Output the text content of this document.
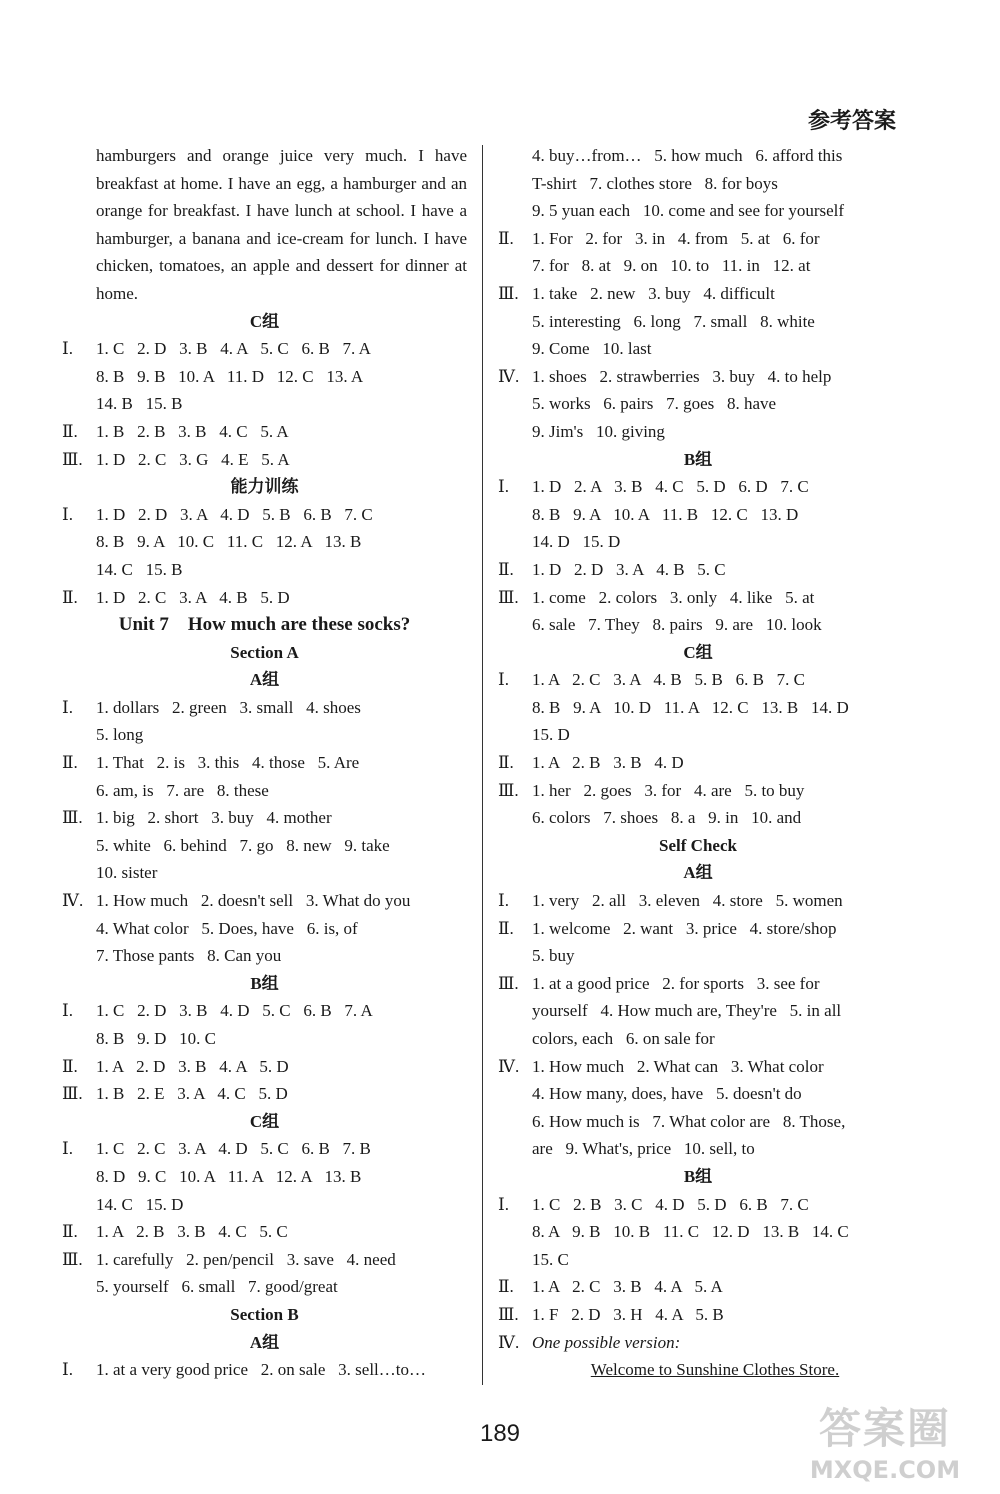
参考答案
hamburgers and orange juice very much. I have breakfast at home. I have an egg, a hamburger and an orange for breakfast. I have lunch at school. I have a hamburger, a banana and ice-cream for lunch. I have chicken, tomatoes, an apple and dessert for dinner at home.
C组
Ⅰ. 1. C   2. D   3. B   4. A   5. C   6. B   7. A
8. B   9. B   10. A   11. D   12. C   13. A
14. B   15. B
Ⅱ. 1. B   2. B   3. B   4. C   5. A
Ⅲ. 1. D   2. C   3. G   4. E   5. A
能力训练
Ⅰ. 1. D   2. D   3. A   4. D   5. B   6. B   7. C
8. B   9. A   10. C   11. C   12. A   13. B
14. C   15. B
Ⅱ. 1. D   2. C   3. A   4. B   5. D
Unit 7    How much are these socks?
Section A
A组
Ⅰ. 1. dollars   2. green   3. small   4. shoes
5. long
Ⅱ. 1. That   2. is   3. this   4. those   5. Are
6. am, is   7. are   8. these
Ⅲ. 1. big   2. short   3. buy   4. mother
5. white   6. behind   7. go   8. new   9. take
10. sister
Ⅳ. 1. How much   2. doesn't sell   3. What do you
4. What color   5. Does, have   6. is, of
7. Those pants   8. Can you
B组
Ⅰ. 1. C   2. D   3. B   4. D   5. C   6. B   7. A
8. B   9. D   10. C
Ⅱ. 1. A   2. D   3. B   4. A   5. D
Ⅲ. 1. B   2. E   3. A   4. C   5. D
C组
Ⅰ. 1. C   2. C   3. A   4. D   5. C   6. B   7. B
8. D   9. C   10. A   11. A   12. A   13. B
14. C   15. D
Ⅱ. 1. A   2. B   3. B   4. C   5. C
Ⅲ. 1. carefully   2. pen/pencil   3. save   4. need
5. yourself   6. small   7. good/great
Section B
A组
Ⅰ. 1. at a very good price   2. on sale   3. sell…to…
4. buy…from…   5. how much   6. afford this
T-shirt   7. clothes store   8. for boys
9. 5 yuan each   10. come and see for yourself
Ⅱ. 1. For   2. for   3. in   4. from   5. at   6. for
7. for   8. at   9. on   10. to   11. in   12. at
Ⅲ. 1. take   2. new   3. buy   4. difficult
5. interesting   6. long   7. small   8. white
9. Come   10. last
Ⅳ. 1. shoes   2. strawberries   3. buy   4. to help
5. works   6. pairs   7. goes   8. have
9. Jim's   10. giving
B组
Ⅰ. 1. D   2. A   3. B   4. C   5. D   6. D   7. C
8. B   9. A   10. A   11. B   12. C   13. D
14. D   15. D
Ⅱ. 1. D   2. D   3. A   4. B   5. C
Ⅲ. 1. come   2. colors   3. only   4. like   5. at
6. sale   7. They   8. pairs   9. are   10. look
C组
Ⅰ. 1. A   2. C   3. A   4. B   5. B   6. B   7. C
8. B   9. A   10. D   11. A   12. C   13. B   14. D
15. D
Ⅱ. 1. A   2. B   3. B   4. D
Ⅲ. 1. her   2. goes   3. for   4. are   5. to buy
6. colors   7. shoes   8. a   9. in   10. and
Self Check
A组
Ⅰ. 1. very   2. all   3. eleven   4. store   5. women
Ⅱ. 1. welcome   2. want   3. price   4. store/shop
5. buy
Ⅲ. 1. at a good price   2. for sports   3. see for
yourself   4. How much are, They're   5. in all
colors, each   6. on sale for
Ⅳ. 1. How much   2. What can   3. What color
4. How many, does, have   5. doesn't do
6. How much is   7. What color are   8. Those,
are   9. What's, price   10. sell, to
B组
Ⅰ. 1. C   2. B   3. C   4. D   5. D   6. B   7. C
8. A   9. B   10. B   11. C   12. D   13. B   14. C
15. C
Ⅱ. 1. A   2. C   3. B   4. A   5. A
Ⅲ. 1. F   2. D   3. H   4. A   5. B
Ⅳ. One possible version:
Welcome to Sunshine Clothes Store.
189	答案圈
MXQE.COM
